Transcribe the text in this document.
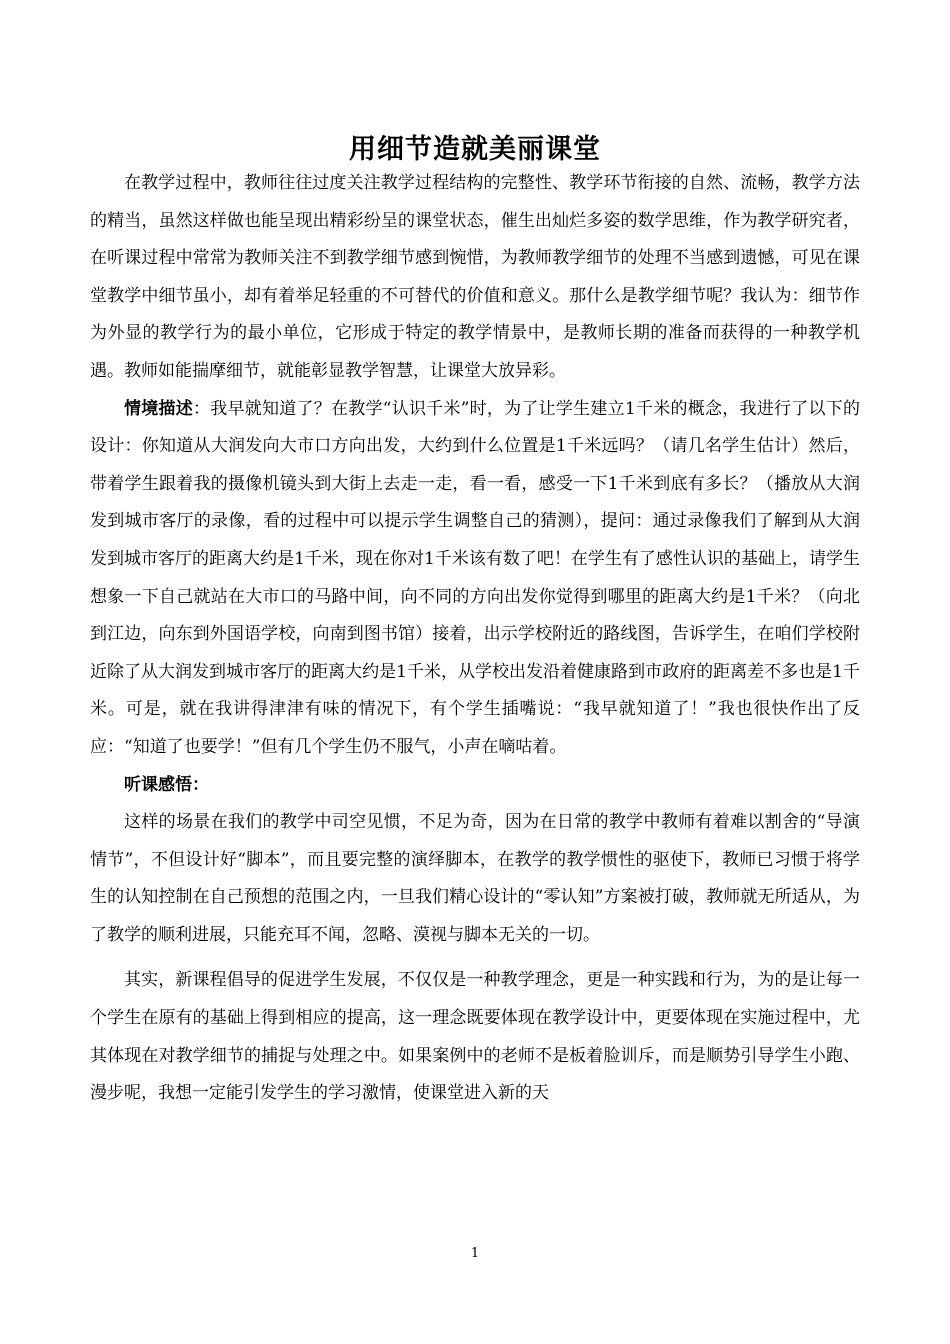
用细节造就美丽课堂

在教学过程中，教师往往过度关注教学过程结构的完整性、教学环节衔接的自然、流畅，教学方法的精当，虽然这样做也能呈现出精彩纷呈的课堂状态，催生出灿烂多姿的数学思维，作为教学研究者，在听课过程中常常为教师关注不到教学细节感到惋惜，为教师教学细节的处理不当感到遗憾，可见在课堂教学中细节虽小，却有着举足轻重的不可替代的价值和意义。那什么是教学细节呢？我认为：细节作为外显的教学行为的最小单位，它形成于特定的教学情景中，是教师长期的准备而获得的一种教学机遇。教师如能揣摩细节，就能彰显教学智慧，让课堂大放异彩。

情境描述：我早就知道了？在教学“认识千米”时，为了让学生建立1千米的概念，我进行了以下的设计：你知道从大润发向大市口方向出发，大约到什么位置是1千米远吗？（请几名学生估计）然后，带着学生跟着我的摄像机镜头到大街上去走一走，看一看，感受一下1千米到底有多长？（播放从大润发到城市客厅的录像，看的过程中可以提示学生调整自己的猜测），提问：通过录像我们了解到从大润发到城市客厅的距离大约是1千米，现在你对1千米该有数了吧！在学生有了感性认识的基础上，请学生想象一下自己就站在大市口的马路中间，向不同的方向出发你觉得到哪里的距离大约是1千米？（向北到江边，向东到外国语学校，向南到图书馆）接着，出示学校附近的路线图，告诉学生，在咱们学校附近除了从大润发到城市客厅的距离大约是1千米，从学校出发沿着健康路到市政府的距离差不多也是1千米。可是，就在我讲得津津有味的情况下，有个学生插嘴说：“我早就知道了！”我也很快作出了反应：“知道了也要学！”但有几个学生仍不服气，小声在嘀咕着。

听课感悟：

这样的场景在我们的教学中司空见惯，不足为奇，因为在日常的教学中教师有着难以割舍的“导演情节”，不但设计好“脚本”，而且要完整的演绎脚本，在教学的教学惯性的驱使下，教师已习惯于将学生的认知控制在自己预想的范围之内，一旦我们精心设计的“零认知”方案被打破，教师就无所适从，为了教学的顺利进展，只能充耳不闻，忽略、漠视与脚本无关的一切。

其实，新课程倡导的促进学生发展，不仅仅是一种教学理念，更是一种实践和行为，为的是让每一个学生在原有的基础上得到相应的提高，这一理念既要体现在教学设计中，更要体现在实施过程中，尤其体现在对教学细节的捕捉与处理之中。如果案例中的老师不是板着脸训斥，而是顺势引导学生小跑、漫步呢，我想一定能引发学生的学习激情，使课堂进入新的天

1
